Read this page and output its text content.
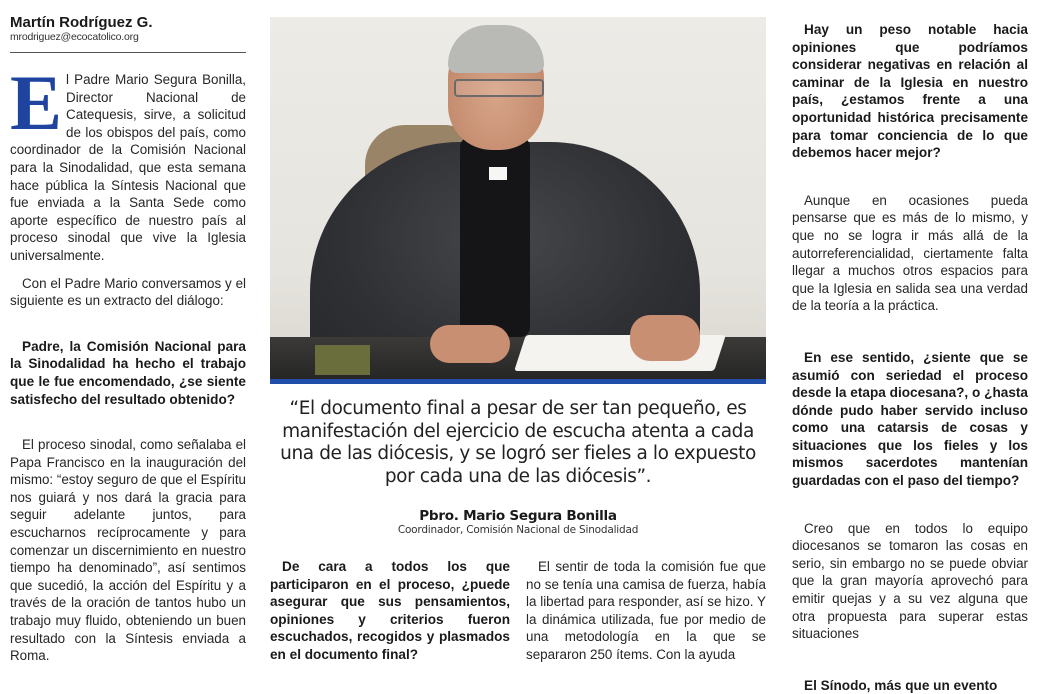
Martín Rodríguez G.
mrodriguez@ecocatolico.org

El Padre Mario Segura Bonilla, Director Nacional de Catequesis, sirve, a solicitud de los obispos del país, como coordinador de la Comisión Nacional para la Sinodalidad, que esta semana hace pública la Síntesis Nacional que fue enviada a la Santa Sede como aporte específico de nuestro país al proceso sinodal que vive la Iglesia universalmente.

Con el Padre Mario conversamos y el siguiente es un extracto del diálogo:

Padre, la Comisión Nacional para la Sinodalidad ha hecho el trabajo que le fue encomendado, ¿se siente satisfecho del resultado obtenido?

El proceso sinodal, como señalaba el Papa Francisco en la inauguración del mismo: “estoy seguro de que el Espíritu nos guiará y nos dará la gracia para seguir adelante juntos, para escucharnos recíprocamente y para comenzar un discernimiento en nuestro tiempo ha denominado”, así sentimos que sucedió, la acción del Espíritu y a través de la oración de tantos hubo un trabajo muy fluido, obteniendo un buen resultado con la Síntesis enviada a Roma.

“El documento final a pesar de ser tan pequeño, es manifestación del ejercicio de escucha atenta a cada una de las diócesis, y se logró ser fieles a lo expuesto por cada una de las diócesis”.
Pbro. Mario Segura Bonilla
Coordinador, Comisión Nacional de Sinodalidad

De cara a todos los que participaron en el proceso, ¿puede asegurar que sus pensamientos, opiniones y criterios fueron escuchados, recogidos y plasmados en el documento final?

El sentir de toda la comisión fue que no se tenía una camisa de fuerza, había la libertad para responder, así se hizo. Y la dinámica utilizada, fue por medio de una metodología en la que se separaron 250 ítems. Con la ayuda

Hay un peso notable hacia opiniones que podríamos considerar negativas en relación al caminar de la Iglesia en nuestro país, ¿estamos frente a una oportunidad histórica precisamente para tomar conciencia de lo que debemos hacer mejor?

Aunque en ocasiones pueda pensarse que es más de lo mismo, y que no se logra ir más allá de la autorreferencialidad, ciertamente falta llegar a muchos otros espacios para que la Iglesia en salida sea una verdad de la teoría a la práctica.

En ese sentido, ¿siente que se asumió con seriedad el proceso desde la etapa diocesana?, o ¿hasta dónde pudo haber servido incluso como una catarsis de cosas y situaciones que los fieles y los mismos sacerdotes mantenían guardadas con el paso del tiempo?

Creo que en todos lo equipo diocesanos se tomaron las cosas en serio, sin embargo no se puede obviar que la gran mayoría aprovechó para emitir quejas y a su vez alguna que otra propuesta para superar estas situaciones

El Sínodo, más que un evento
